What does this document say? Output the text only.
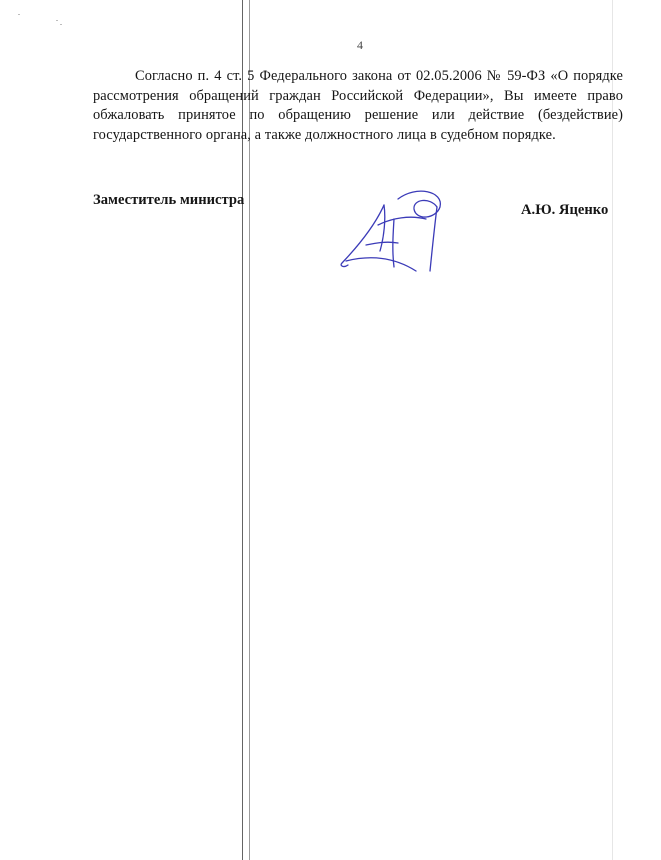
4

Согласно п. 4 ст. 5 Федерального закона от 02.05.2006 № 59-ФЗ «О порядке рассмотрения обращений граждан Российской Федерации», Вы имеете право обжаловать принятое по обращению решение или действие (бездействие) государственного органа, а также должностного лица в судебном порядке.

Заместитель министра
А.Ю. Яценко
